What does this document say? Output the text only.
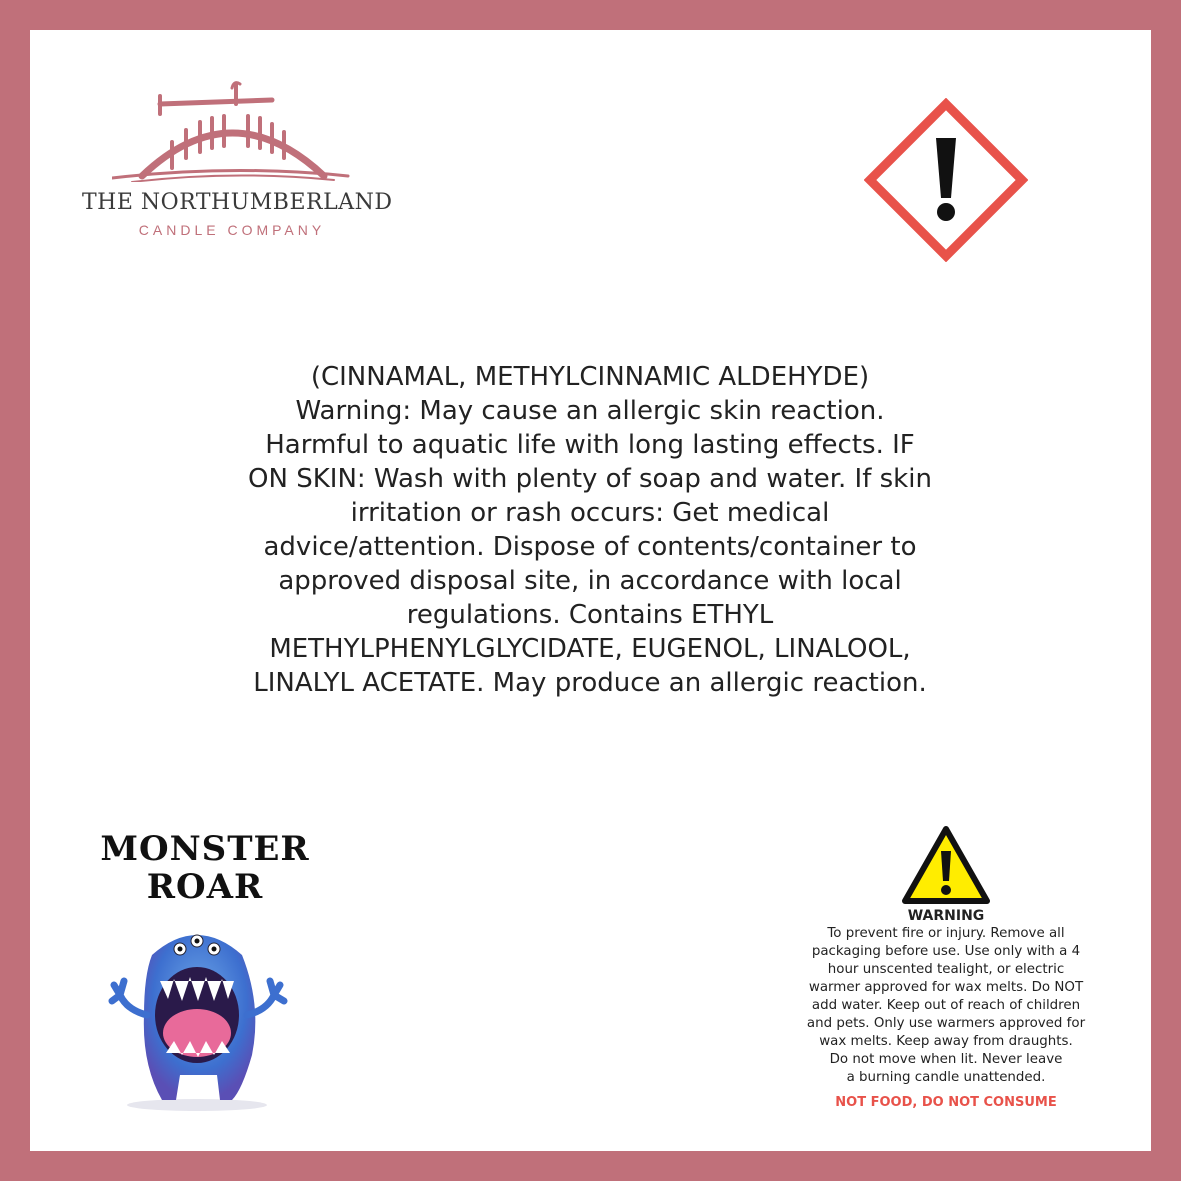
THE NORTHUMBERLAND
CANDLE COMPANY
(CINNAMAL, METHYLCINNAMIC ALDEHYDE)
Warning: May cause an allergic skin reaction.
Harmful to aquatic life with long lasting effects. IF
ON SKIN: Wash with plenty of soap and water. If skin
irritation or rash occurs: Get medical
advice/attention. Dispose of contents/container to
approved disposal site, in accordance with local
regulations. Contains ETHYL
METHYLPHENYLGLYCIDATE, EUGENOL, LINALOOL,
LINALYL ACETATE. May produce an allergic reaction.
MONSTER
ROAR
WARNING
To prevent fire or injury. Remove all
packaging before use. Use only with a 4
hour unscented tealight, or electric
warmer approved for wax melts. Do NOT
add water. Keep out of reach of children
and pets. Only use warmers approved for
wax melts. Keep away from draughts.
Do not move when lit. Never leave
a burning candle unattended.
NOT FOOD, DO NOT CONSUME
